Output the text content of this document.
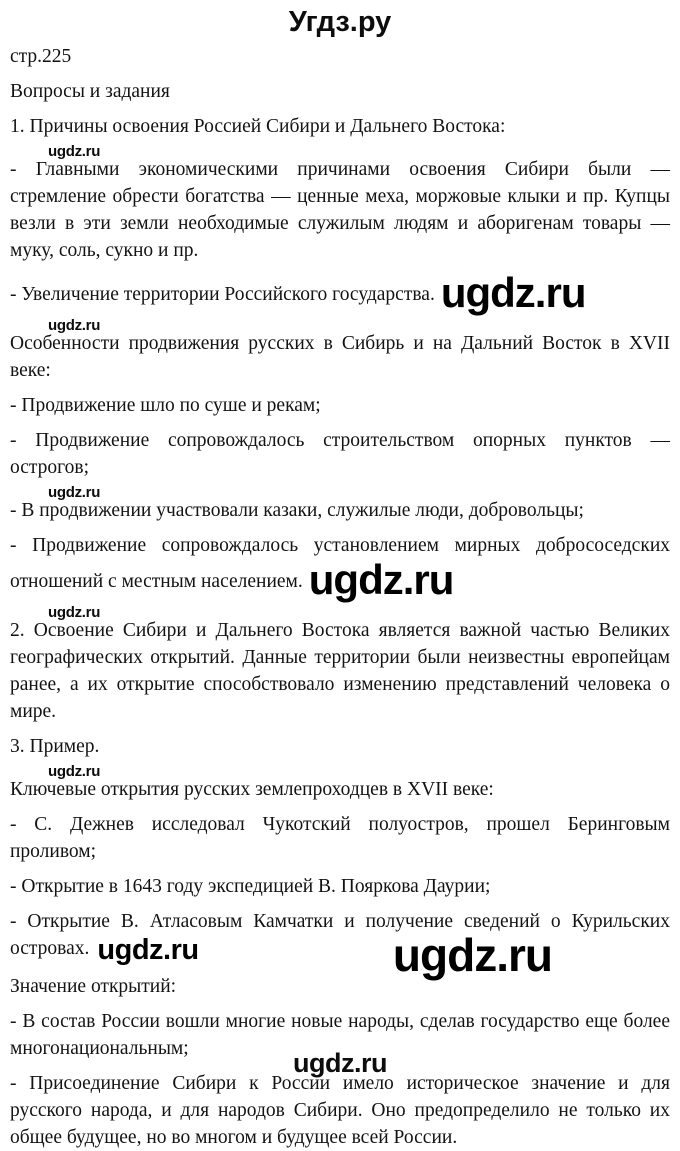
Угдз.ру

стр.225

Вопросы и задания

1. Причины освоения Россией Сибири и Дальнего Востока:

ugdz.ru

- Главными экономическими причинами освоения Сибири были — стремление обрести богатства — ценные меха, моржовые клыки и пр. Купцы везли в эти земли необходимые служилым людям и аборигенам товары — муку, соль, сукно и пр.

- Увеличение территории Российского государства. ugdz.ru

ugdz.ru

Особенности продвижения русских в Сибирь и на Дальний Восток в XVII веке:

- Продвижение шло по суше и рекам;

- Продвижение сопровождалось строительством опорных пунктов — острогов;

ugdz.ru

- В продвижении участвовали казаки, служилые люди, добровольцы;

- Продвижение сопровождалось установлением мирных добрососедских отношений с местным населением. ugdz.ru

ugdz.ru

2. Освоение Сибири и Дальнего Востока является важной частью Великих географических открытий. Данные территории были неизвестны европейцам ранее, а их открытие способствовало изменению представлений человека о мире.

3. Пример.

ugdz.ru

Ключевые открытия русских землепроходцев в XVII веке:

- С. Дежнев исследовал Чукотский полуостров, прошел Беринговым проливом;

- Открытие в 1643 году экспедицией В. Пояркова Даурии;

- Открытие В. Атласовым Камчатки и получение сведений о Курильских островах. ugdz.ru	ugdz.ru

Значение открытий:

- В состав России вошли многие новые народы, сделав государство еще более многонациональным;

- Присоединение Сибири к России имело историческое значение и для русского народа, и для народов Сибири. Оно предопределило не только их общее будущее, но во многом и будущее всей России.

ugdz.ru
